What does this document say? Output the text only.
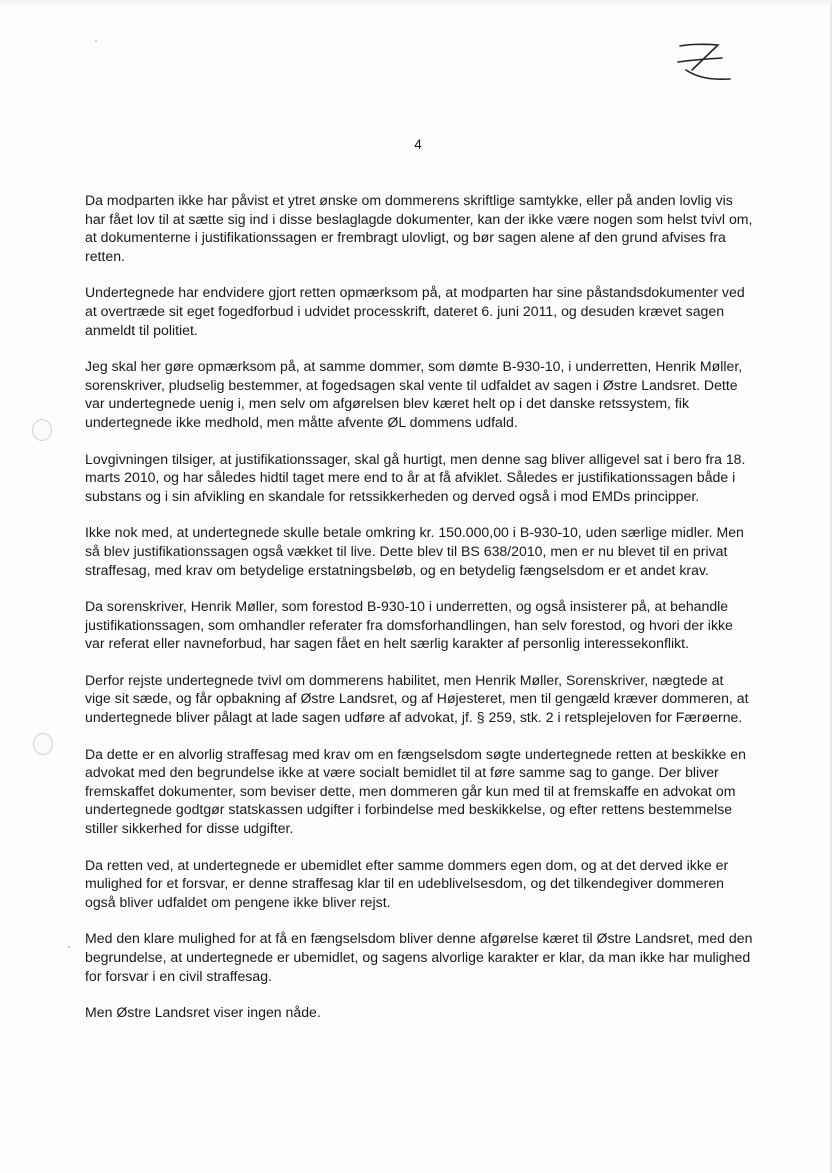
4

Da modparten ikke har påvist et ytret ønske om dommerens skriftlige samtykke, eller på anden lovlig vis
har fået lov til at sætte sig ind i disse beslaglagde dokumenter, kan der ikke være nogen som helst tvivl om,
at dokumenterne i justifikationssagen er frembragt ulovligt, og bør sagen alene af den grund afvises fra
retten.

Undertegnede har endvidere gjort retten opmærksom på, at modparten har sine påstandsdokumenter ved
at overtræde sit eget fogedforbud i udvidet processkrift, dateret 6. juni 2011, og desuden krævet sagen
anmeldt til politiet.

Jeg skal her gøre opmærksom på, at samme dommer, som dømte B-930-10, i underretten, Henrik Møller,
sorenskriver, pludselig bestemmer, at fogedsagen skal vente til udfaldet av sagen i Østre Landsret. Dette
var undertegnede uenig i, men selv om afgørelsen blev kæret helt op i det danske retssystem, fik
undertegnede ikke medhold, men måtte afvente ØL dommens udfald.

Lovgivningen tilsiger, at justifikationssager, skal gå hurtigt, men denne sag bliver alligevel sat i bero fra 18.
marts 2010, og har således hidtil taget mere end to år at få afviklet. Således er justifikationssagen både i
substans og i sin afvikling en skandale for retssikkerheden og derved også i mod EMDs principper.

Ikke nok med, at undertegnede skulle betale omkring kr. 150.000,00 i B-930-10, uden særlige midler. Men
så blev justifikationssagen også vækket til live. Dette blev til BS 638/2010, men er nu blevet til en privat
straffesag, med krav om betydelige erstatningsbeløb, og en betydelig fængselsdom er et andet krav.

Da sorenskriver, Henrik Møller, som forestod B-930-10 i underretten, og også insisterer på, at behandle
justifikationssagen, som omhandler referater fra domsforhandlingen, han selv forestod, og hvori der ikke
var referat eller navneforbud, har sagen fået en helt særlig karakter af personlig interessekonflikt.

Derfor rejste undertegnede tvivl om dommerens habilitet, men Henrik Møller, Sorenskriver, nægtede at
vige sit sæde, og får opbakning af Østre Landsret, og af Højesteret, men til gengæld kræver dommeren, at
undertegnede bliver pålagt at lade sagen udføre af advokat, jf. § 259, stk. 2 i retsplejeloven for Færøerne.

Da dette er en alvorlig straffesag med krav om en fængselsdom søgte undertegnede retten at beskikke en
advokat med den begrundelse ikke at være socialt bemidlet til at føre samme sag to gange. Der bliver
fremskaffet dokumenter, som beviser dette, men dommeren går kun med til at fremskaffe en advokat om
undertegnede godtgør statskassen udgifter i forbindelse med beskikkelse, og efter rettens bestemmelse
stiller sikkerhed for disse udgifter.

Da retten ved, at undertegnede er ubemidlet efter samme dommers egen dom, og at det derved ikke er
mulighed for et forsvar, er denne straffesag klar til en udeblivelsesdom, og det tilkendegiver dommeren
også bliver udfaldet om pengene ikke bliver rejst.

Med den klare mulighed for at få en fængselsdom bliver denne afgørelse kæret til Østre Landsret, med den
begrundelse, at undertegnede er ubemidlet, og sagens alvorlige karakter er klar, da man ikke har mulighed
for forsvar i en civil straffesag.

Men Østre Landsret viser ingen nåde.
